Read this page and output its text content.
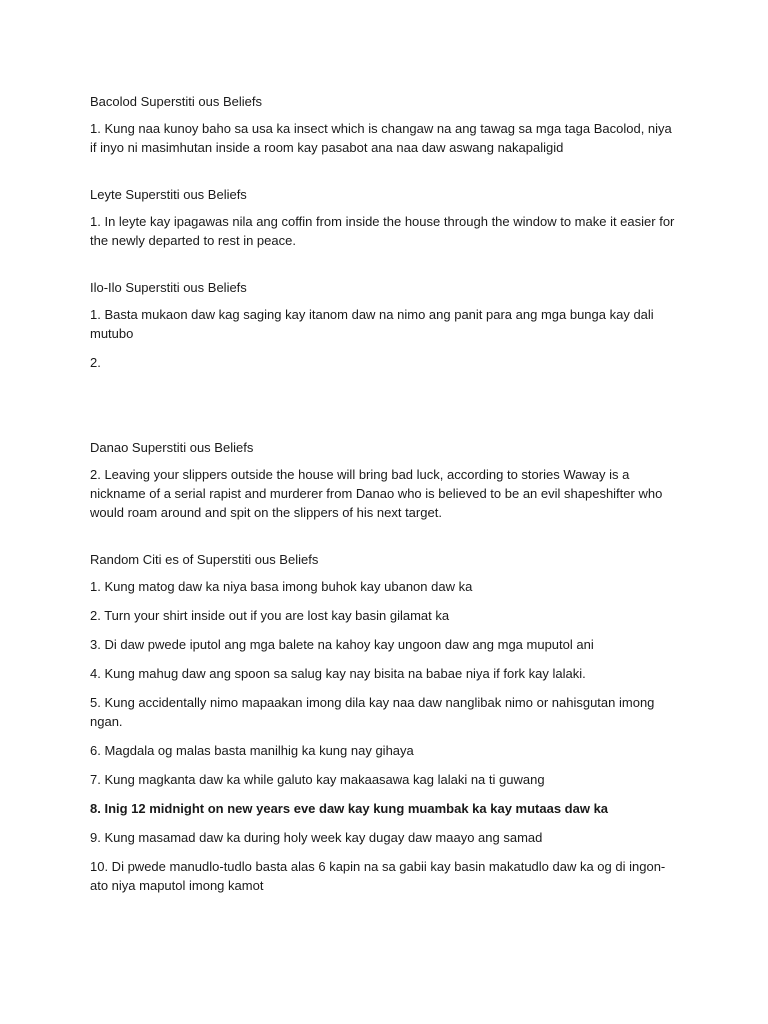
Bacolod Superstiti ous Beliefs

1. Kung naa kunoy baho sa usa ka insect which is changaw na ang tawag sa mga taga Bacolod, niya if inyo ni masimhutan inside a room kay pasabot ana naa daw aswang nakapaligid

Leyte Superstiti ous Beliefs

1. In leyte kay ipagawas nila ang coffin from inside the house through the window to make it easier for the newly departed to rest in peace.

Ilo-Ilo Superstiti ous Beliefs

1. Basta mukaon daw kag saging kay itanom daw na nimo ang panit para ang mga bunga kay dali mutubo

2.

Danao Superstiti ous Beliefs

2. Leaving your slippers outside the house will bring bad luck, according to stories Waway is a nickname of a serial rapist and murderer from Danao who is believed to be an evil shapeshifter who would roam around and spit on the slippers of his next target.

Random Citi es of Superstiti ous Beliefs

1. Kung matog daw ka niya basa imong buhok kay ubanon daw ka

2. Turn your shirt inside out if you are lost kay basin gilamat ka

3. Di daw pwede iputol ang mga balete na kahoy kay ungoon daw ang mga muputol ani

4. Kung mahug daw ang spoon sa salug kay nay bisita na babae niya if fork kay lalaki.

5. Kung accidentally nimo mapaakan imong dila kay naa daw nanglibak nimo or nahisgutan imong ngan.

6. Magdala og malas basta manilhig ka kung nay gihaya

7. Kung magkanta daw ka while galuto kay makaasawa kag lalaki na ti guwang

8. Inig 12 midnight on new years eve daw kay kung muambak ka kay mutaas daw ka

9. Kung masamad daw ka during holy week kay dugay daw maayo ang samad

10. Di pwede manudlo-tudlo basta alas 6 kapin na sa gabii kay basin makatudlo daw ka og di ingon-ato niya maputol imong kamot
